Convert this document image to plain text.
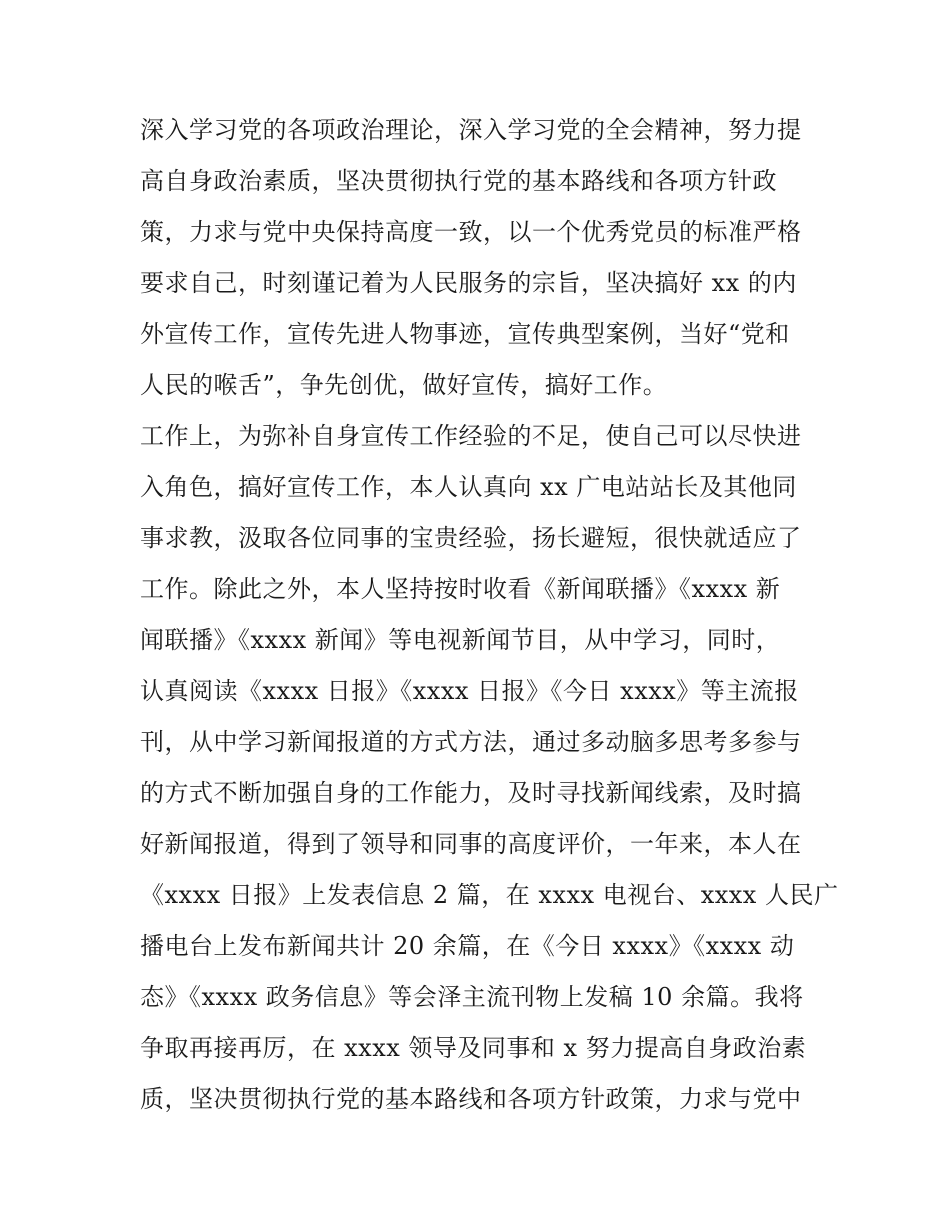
深入学习党的各项政治理论，深入学习党的全会精神，努力提
高自身政治素质，坚决贯彻执行党的基本路线和各项方针政
策，力求与党中央保持高度一致，以一个优秀党员的标准严格
要求自己，时刻谨记着为人民服务的宗旨，坚决搞好 xx 的内
外宣传工作，宣传先进人物事迹，宣传典型案例，当好“党和
人民的喉舌”，争先创优，做好宣传，搞好工作。
工作上，为弥补自身宣传工作经验的不足，使自己可以尽快进
入角色，搞好宣传工作，本人认真向 xx 广电站站长及其他同
事求教，汲取各位同事的宝贵经验，扬长避短，很快就适应了
工作。除此之外，本人坚持按时收看《新闻联播》《xxxx 新
闻联播》《xxxx 新闻》等电视新闻节目，从中学习，同时，
认真阅读《xxxx 日报》《xxxx 日报》《今日 xxxx》等主流报
刊，从中学习新闻报道的方式方法，通过多动脑多思考多参与
的方式不断加强自身的工作能力，及时寻找新闻线索，及时搞
好新闻报道，得到了领导和同事的高度评价，一年来，本人在
《xxxx 日报》上发表信息 2 篇，在 xxxx 电视台、xxxx 人民广
播电台上发布新闻共计 20 余篇，在《今日 xxxx》《xxxx 动
态》《xxxx 政务信息》等会泽主流刊物上发稿 10 余篇。我将
争取再接再厉，在 xxxx 领导及同事和 x 努力提高自身政治素
质，坚决贯彻执行党的基本路线和各项方针政策，力求与党中
